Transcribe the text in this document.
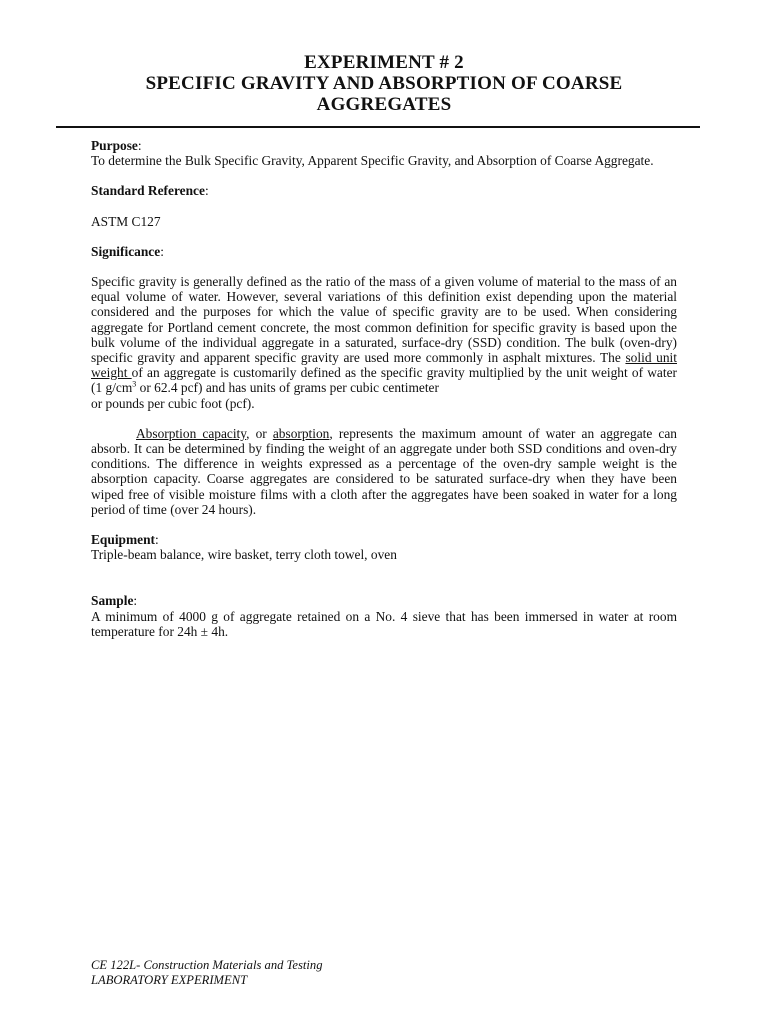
EXPERIMENT # 2
SPECIFIC GRAVITY AND ABSORPTION OF COARSE
AGGREGATES

Purpose:

To determine the Bulk Specific Gravity, Apparent Specific Gravity, and Absorption of Coarse Aggregate.

Standard Reference:

ASTM C127

Significance:

Specific gravity is generally defined as the ratio of the mass of a given volume of material to the mass of an equal volume of water. However, several variations of this definition exist depending upon the material considered and the purposes for which the value of specific gravity are to be used. When considering aggregate for Portland cement concrete, the most common definition for specific gravity is based upon the bulk volume of the individual aggregate in a saturated, surface-dry (SSD) condition. The bulk (oven-dry) specific gravity and apparent specific gravity are used more commonly in asphalt mixtures. The solid unit weight of an aggregate is customarily defined as the specific gravity multiplied by the unit weight of water (1 $g/cm^3$ or 62.4 pcf) and has units of grams per cubic centimeter

or pounds per cubic foot (pcf).

Absorption capacity, or absorption, represents the maximum amount of water an aggregate can absorb. It can be determined by finding the weight of an aggregate under both SSD conditions and oven-dry conditions. The difference in weights expressed as a percentage of the oven-dry sample weight is the absorption capacity. Coarse aggregates are considered to be saturated surface-dry when they have been wiped free of visible moisture films with a cloth after the aggregates have been soaked in water for a long period of time (over 24 hours).

Equipment:

Triple-beam balance, wire basket, terry cloth towel, oven

Sample:

A minimum of 4000 g of aggregate retained on a No. 4 sieve that has been immersed in water at room temperature for 24h ± 4h.

CE 122L- Construction Materials and Testing
LABORATORY EXPERIMENT
